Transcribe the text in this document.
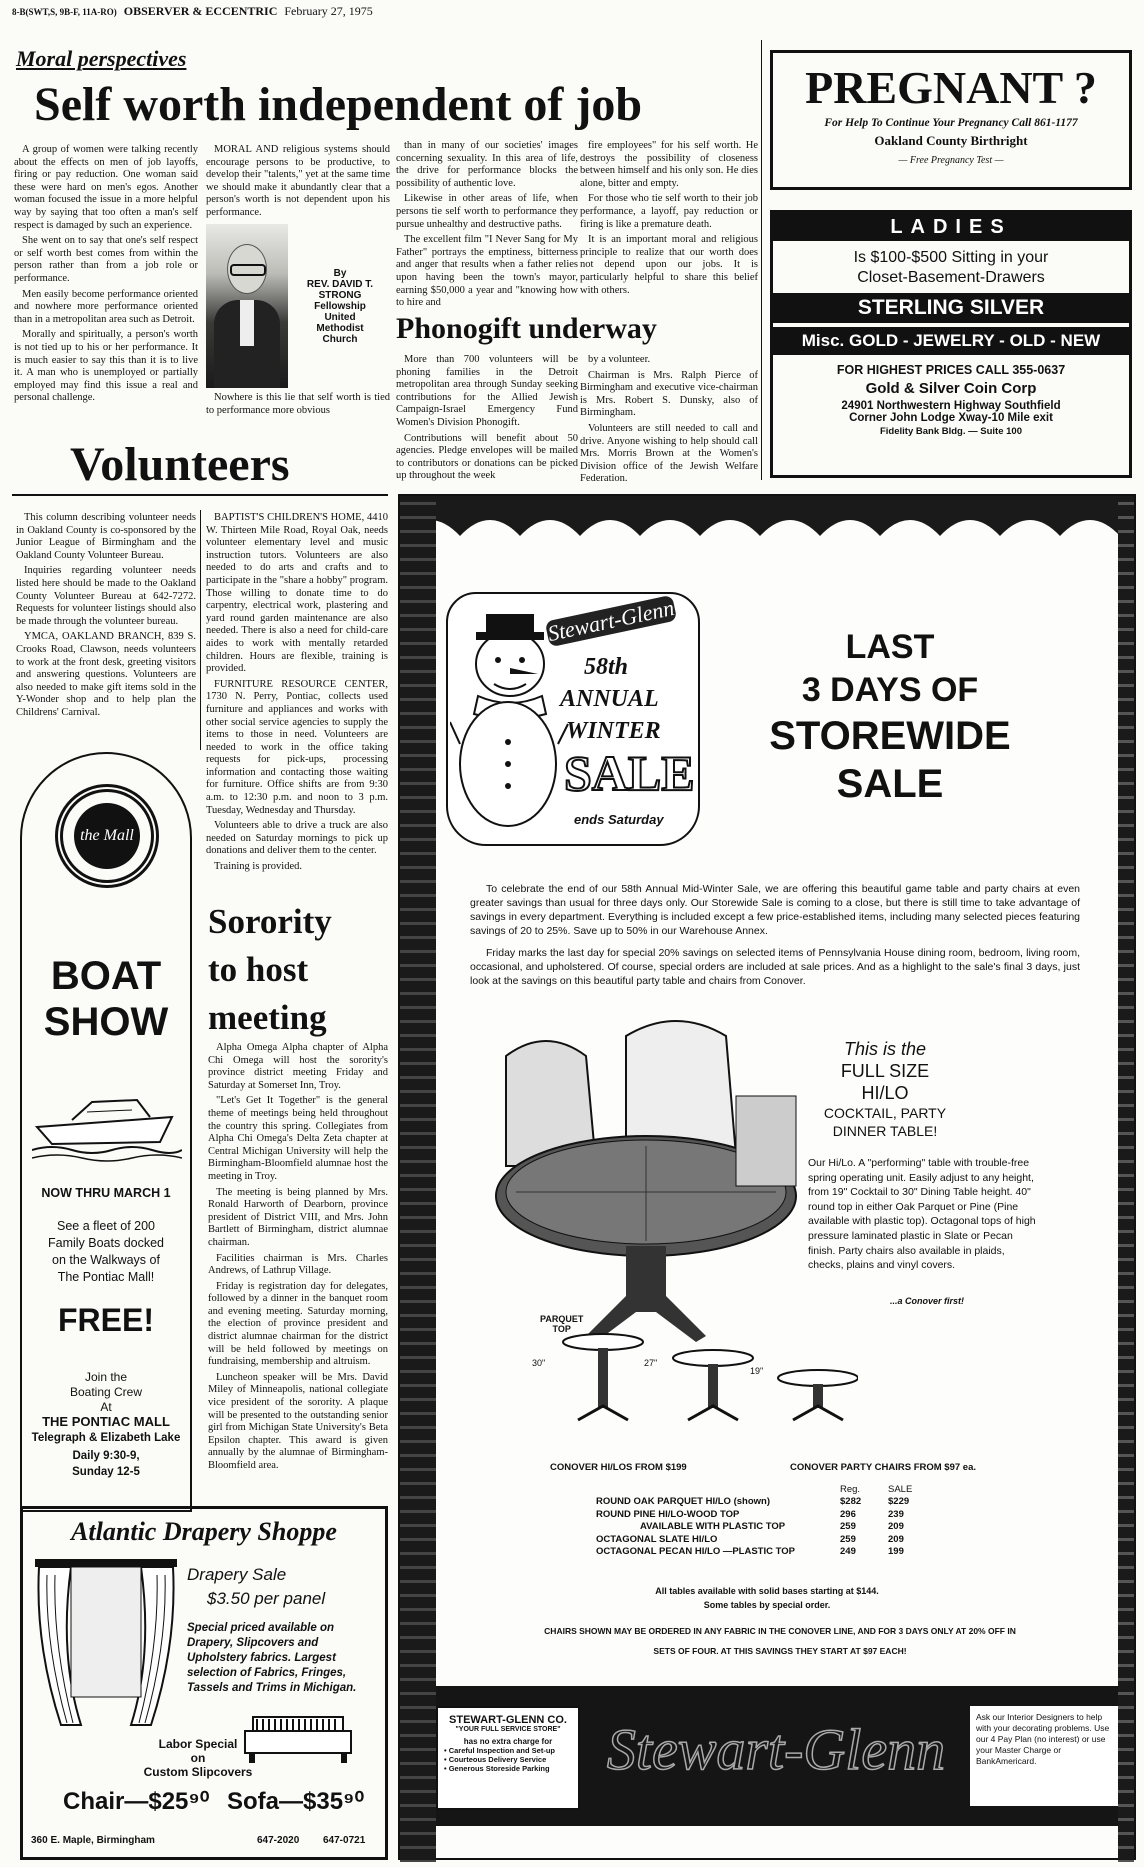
8-B(SWT,S, 9B-F, 11A-RO) OBSERVER & ECCENTRIC February 27, 1975
Moral perspectives
Self worth independent of job

A group of women were talking recently about the effects on men of job layoffs, firing or pay reduction. One woman said these were hard on men's egos. Another woman focused the issue in a more helpful way by saying that too often a man's self respect is damaged by such an experience.

She went on to say that one's self respect or self worth best comes from within the person rather than from a job role or performance.

Men easily become performance oriented and nowhere more performance oriented than in a metropolitan area such as Detroit.

Morally and spiritually, a person's worth is not tied up to his or her performance. It is much easier to say this than it is to live it. A man who is unemployed or partially employed may find this issue a real and personal challenge.

MORAL AND religious systems should encourage persons to be productive, to develop their "talents," yet at the same time we should make it abundantly clear that a person's worth is not dependent upon his performance.

By
REV. DAVID T.
STRONG
Fellowship
United
Methodist
Church

Nowhere is this lie that self worth is tied to performance more obvious

than in many of our societies' images concerning sexuality. In this area of life, the drive for performance blocks the possibility of authentic love.

Likewise in other areas of life, when persons tie self worth to performance they pursue unhealthy and destructive paths.

The excellent film "I Never Sang for My Father" portrays the emptiness, bitterness and anger that results when a father relies upon having been the town's mayor, earning $50,000 a year and "knowing how to hire and

fire employees" for his self worth. He destroys the possibility of closeness between himself and his only son. He dies alone, bitter and empty.

For those who tie self worth to their job performance, a layoff, pay reduction or firing is like a premature death.

It is an important moral and religious principle to realize that our worth does not depend upon our jobs. It is particularly helpful to share this belief with others.

Phonogift underway

More than 700 volunteers will be phoning families in the Detroit metropolitan area through Sunday seeking contributions for the Allied Jewish Campaign-Israel Emergency Fund Women's Division Phonogift.

Contributions will benefit about 50 agencies. Pledge envelopes will be mailed to contributors or donations can be picked up throughout the week

by a volunteer.

Chairman is Mrs. Ralph Pierce of Birmingham and executive vice-chairman is Mrs. Robert S. Dunsky, also of Birmingham.

Volunteers are still needed to call and drive. Anyone wishing to help should call Mrs. Morris Brown at the Women's Division office of the Jewish Welfare Federation.

PREGNANT ?
For Help To Continue Your Pregnancy Call 861-1177
Oakland County Birthright
— Free Pregnancy Test —
LADIES
Is $100-$500 Sitting in your
Closet-Basement-Drawers
STERLING SILVER
Misc. GOLD - JEWELRY - OLD - NEW
FOR HIGHEST PRICES CALL 355-0637
Gold & Silver Coin Corp
24901 Northwestern Highway Southfield
Corner John Lodge Xway-10 Mile exit
Fidelity Bank Bldg. — Suite 100
Volunteers

This column describing volunteer needs in Oakland County is co-sponsored by the Junior League of Birmingham and the Oakland County Volunteer Bureau.

Inquiries regarding volunteer needs listed here should be made to the Oakland County Volunteer Bureau at 642-7272. Requests for volunteer listings should also be made through the volunteer bureau.

YMCA, OAKLAND BRANCH, 839 S. Crooks Road, Clawson, needs volunteers to work at the front desk, greeting visitors and answering questions. Volunteers are also needed to make gift items sold in the Y-Wonder shop and to help plan the Childrens' Carnival.

BAPTIST'S CHILDREN'S HOME, 4410 W. Thirteen Mile Road, Royal Oak, needs volunteer elementary level and music instruction tutors. Volunteers are also needed to do arts and crafts and to participate in the "share a hobby" program. Those willing to donate time to do carpentry, electrical work, plastering and yard round garden maintenance are also needed. There is also a need for child-care aides to work with mentally retarded children. Hours are flexible, training is provided.

FURNITURE RESOURCE CENTER, 1730 N. Perry, Pontiac, collects used furniture and appliances and works with other social service agencies to supply the items to those in need. Volunteers are needed to work in the office taking requests for pick-ups, processing information and contacting those waiting for furniture. Office shifts are from 9:30 a.m. to 12:30 p.m. and noon to 3 p.m. Tuesday, Wednesday and Thursday.

Volunteers able to drive a truck are also needed on Saturday mornings to pick up donations and deliver them to the center.

Training is provided.

Sorority
to host
meeting

Alpha Omega Alpha chapter of Alpha Chi Omega will host the sorority's province district meeting Friday and Saturday at Somerset Inn, Troy.

"Let's Get It Together" is the general theme of meetings being held throughout the country this spring. Collegiates from Alpha Chi Omega's Delta Zeta chapter at Central Michigan University will help the Birmingham-Bloomfield alumnae host the meeting in Troy.

The meeting is being planned by Mrs. Ronald Harworth of Dearborn, province president of District VIII, and Mrs. John Bartlett of Birmingham, district alumnae chairman.

Facilities chairman is Mrs. Charles Andrews, of Lathrup Village.

Friday is registration day for delegates, followed by a dinner in the banquet room and evening meeting. Saturday morning, the election of province president and district alumnae chairman for the district will be held followed by meetings on fundraising, membership and altruism.

Luncheon speaker will be Mrs. David Miley of Minneapolis, national collegiate vice president of the sorority. A plaque will be presented to the outstanding senior girl from Michigan State University's Beta Epsilon chapter. This award is given annually by the alumnae of Birmingham-Bloomfield area.

the Mall
BOAT
SHOW
NOW THRU MARCH 1
See a fleet of 200 Family Boats docked on the Walkways of The Pontiac Mall!
FREE!
Join the Boating Crew At
THE PONTIAC MALL
Telegraph & Elizabeth Lake
Daily 9:30-9,
Sunday 12-5
Atlantic Drapery Shoppe
Drapery Sale
$3.50 per panel
Special priced available on Drapery, Slipcovers and Upholstery fabrics. Largest selection of Fabrics, Fringes, Tassels and Trims in Michigan.
Labor Special
on
Custom Slipcovers
Chair—$25⁹⁰ Sofa—$35⁹⁰
360 E. Maple, Birmingham	647-2020 647-0721
Stewart-Glenn
58th
ANNUAL
WINTER
SALE
ends Saturday
LAST
3 DAYS OF
STOREWIDE
SALE
To celebrate the end of our 58th Annual Mid-Winter Sale, we are offering this beautiful game table and party chairs at even greater savings than usual for three days only. Our Storewide Sale is coming to a close, but there is still time to take advantage of savings in every department. Everything is included except a few price-established items, including many selected pieces featuring savings of 20 to 25%. Save up to 50% in our Warehouse Annex.
Friday marks the last day for special 20% savings on selected items of Pennsylvania House dining room, bedroom, living room, occasional, and upholstered. Of course, special orders are included at sale prices. And as a highlight to the sale's final 3 days, just look at the savings on this beautiful party table and chairs from Conover.
PARQUET
TOP
30"	27"
19"
This is the
FULL SIZE
HI/LO
COCKTAIL, PARTY
DINNER TABLE!
Our Hi/Lo. A "performing" table with trouble-free spring operating unit. Easily adjust to any height, from 19" Cocktail to 30" Dining Table height. 40" round top in either Oak Parquet or Pine (Pine available with plastic top). Octagonal tops of high pressure laminated plastic in Slate or Pecan finish. Party chairs also available in plaids, checks, plains and vinyl covers.
...a Conover first!
CONOVER HI/LOS FROM $199	CONOVER PARTY CHAIRS FROM $97 ea.
Reg.	SALE
ROUND OAK PARQUET HI/LO (shown)	$282	$229
ROUND PINE HI/LO-WOOD TOP	296	239
AVAILABLE WITH PLASTIC TOP	259	209
OCTAGONAL SLATE HI/LO	259	209
OCTAGONAL PECAN HI/LO —PLASTIC TOP	249	199
All tables available with solid bases starting at $144.
Some tables by special order.
CHAIRS SHOWN MAY BE ORDERED IN ANY FABRIC IN THE CONOVER LINE, AND FOR 3 DAYS ONLY AT 20% OFF IN
SETS OF FOUR. AT THIS SAVINGS THEY START AT $97 EACH!
STEWART-GLENN CO.
"YOUR FULL SERVICE STORE"
has no extra charge for
• Careful Inspection and Set-up
• Courteous Delivery Service
• Generous Storeside Parking Stewart-Glenn	Ask our Interior Designers to help with your decorating problems. Use our 4 Pay Plan (no interest) or use your Master Charge or BankAmericard.
